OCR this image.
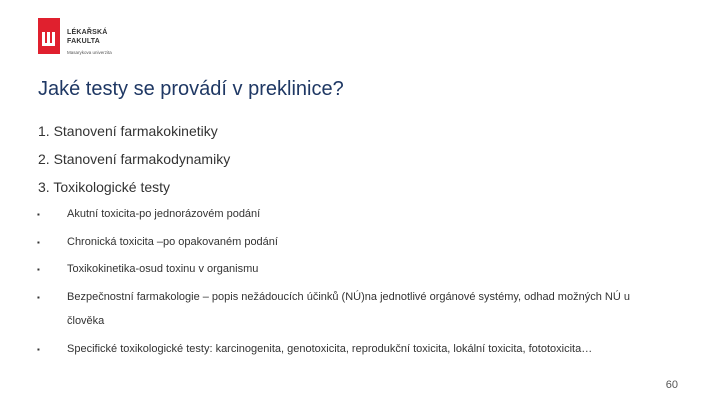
LÉKAŘSKÁ
FAKULTA
Masarykova univerzita
Jaké testy se provádí v preklinice?
1. Stanovení farmakokinetiky
2. Stanovení farmakodynamiky
3. Toxikologické testy
▪ Akutní toxicita-po jednorázovém podání
▪ Chronická toxicita –po opakovaném podání
▪ Toxikokinetika-osud toxinu v organismu
▪ Bezpečnostní farmakologie – popis nežádoucích účinků (NÚ)na jednotlivé orgánové systémy, odhad možných NÚ u
člověka
▪ Specifické toxikologické testy: karcinogenita, genotoxicita, reprodukční toxicita, lokální toxicita, fototoxicita…
60
